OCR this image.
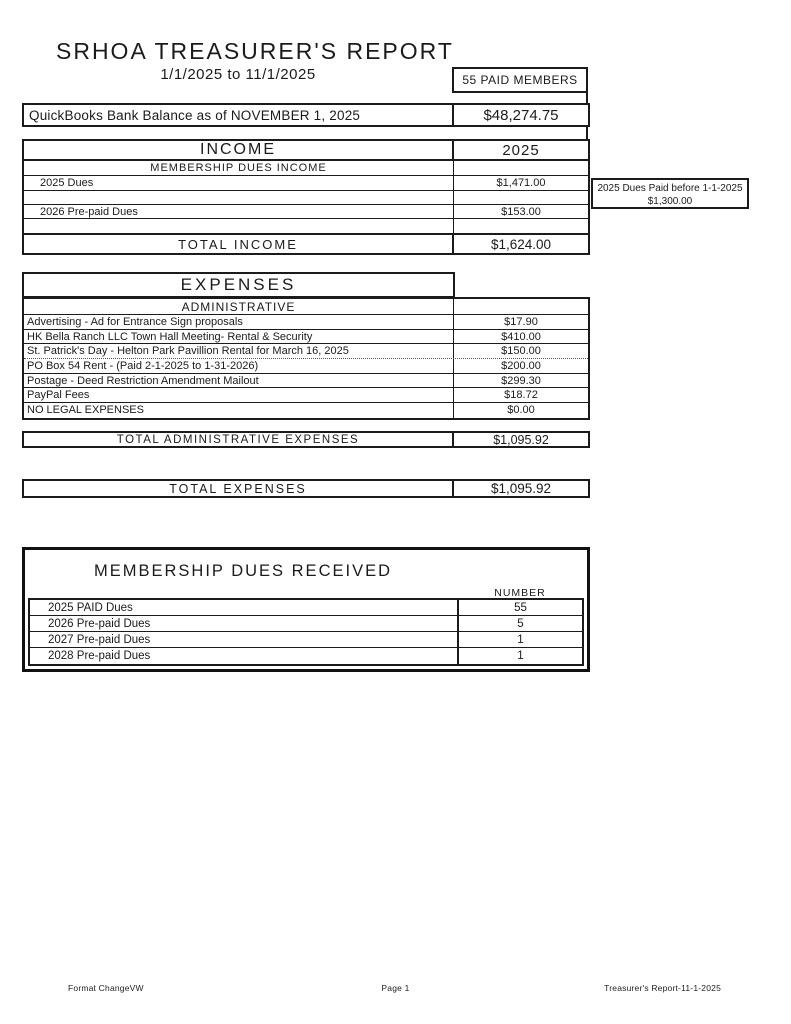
SRHOA TREASURER'S REPORT
1/1/2025 to 11/1/2025	55 PAID MEMBERS
QuickBooks Bank Balance as of NOVEMBER 1, 2025	$48,274.75
INCOME	2025
MEMBERSHIP DUES INCOME
2025 Dues	$1,471.00
2026 Pre-paid Dues	$153.00
TOTAL INCOME	$1,624.00
2025 Dues Paid before 1-1-2025
$1,300.00
EXPENSES
ADMINISTRATIVE
Advertising - Ad for Entrance Sign proposals	$17.90
HK Bella Ranch LLC Town Hall Meeting- Rental & Security	$410.00
St. Patrick's Day - Helton Park Pavillion Rental for March 16, 2025	$150.00
PO Box 54 Rent - (Paid 2-1-2025 to 1-31-2026)	$200.00
Postage - Deed Restriction Amendment Mailout	$299.30
PayPal Fees	$18.72
NO LEGAL EXPENSES	$0.00
TOTAL ADMINISTRATIVE EXPENSES	$1,095.92
TOTAL EXPENSES	$1,095.92
MEMBERSHIP DUES RECEIVED
NUMBER
2025 PAID Dues	55
2026 Pre-paid Dues	5
2027 Pre-paid Dues	1
2028 Pre-paid Dues	1
Page 1
Format ChangeVW	Treasurer's Report-11-1-2025
